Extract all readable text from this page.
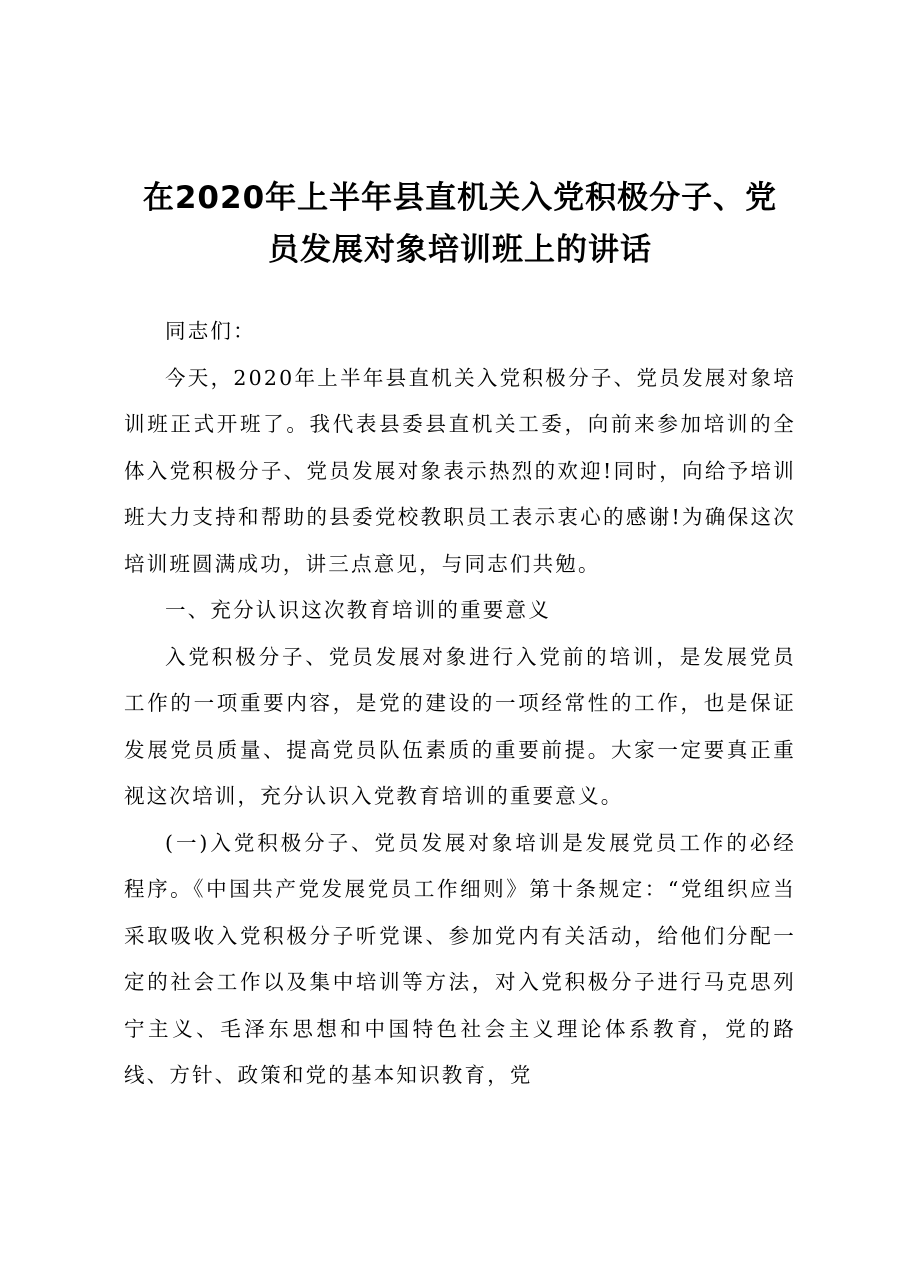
在2020年上半年县直机关入党积极分子、党
员发展对象培训班上的讲话

同志们：

今天，2020年上半年县直机关入党积极分子、党员发展对象培训班正式开班了。我代表县委县直机关工委，向前来参加培训的全体入党积极分子、党员发展对象表示热烈的欢迎!同时，向给予培训班大力支持和帮助的县委党校教职员工表示衷心的感谢!为确保这次培训班圆满成功，讲三点意见，与同志们共勉。

一、充分认识这次教育培训的重要意义

入党积极分子、党员发展对象进行入党前的培训，是发展党员工作的一项重要内容，是党的建设的一项经常性的工作，也是保证发展党员质量、提高党员队伍素质的重要前提。大家一定要真正重视这次培训，充分认识入党教育培训的重要意义。

(一)入党积极分子、党员发展对象培训是发展党员工作的必经程序。《中国共产党发展党员工作细则》第十条规定：“党组织应当采取吸收入党积极分子听党课、参加党内有关活动，给他们分配一定的社会工作以及集中培训等方法，对入党积极分子进行马克思列宁主义、毛泽东思想和中国特色社会主义理论体系教育，党的路线、方针、政策和党的基本知识教育，党
